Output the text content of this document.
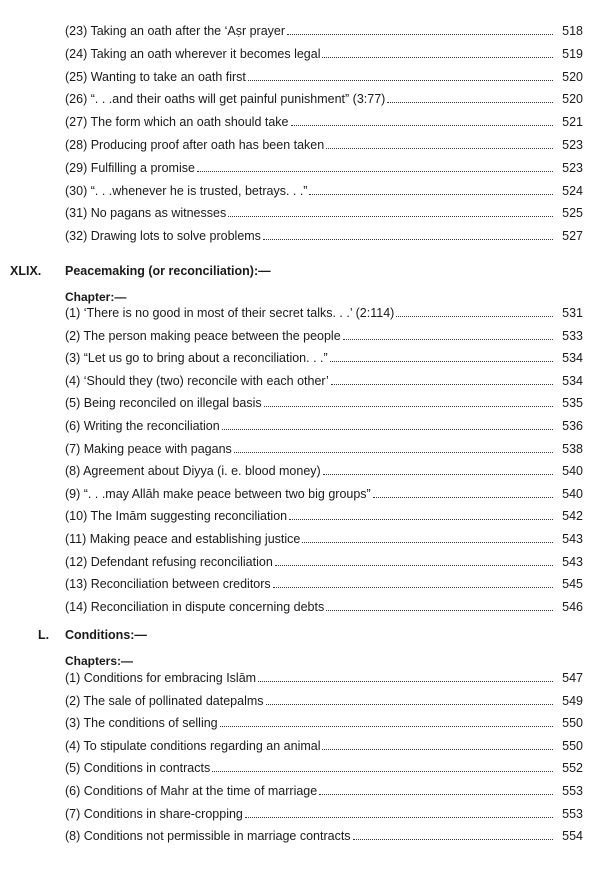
(23) Taking an oath after the ‘Aṣr prayer	518
(24) Taking an oath wherever it becomes legal	519
(25) Wanting to take an oath first	520
(26) “. . .and their oaths will get painful punishment” (3:77)	520
(27) The form which an oath should take	521
(28) Producing proof after oath has been taken	523
(29) Fulfilling a promise	523
(30) “. . .whenever he is trusted, betrays. . .”	524
(31) No pagans as witnesses	525
(32) Drawing lots to solve problems	527
XLIX.	Peacemaking (or reconciliation):—
Chapter:—
(1) ‘There is no good in most of their secret talks. . .’ (2:114)	531
(2) The person making peace between the people	533
(3) “Let us go to bring about a reconciliation. . .”	534
(4) ‘Should they (two) reconcile with each other’	534
(5) Being reconciled on illegal basis	535
(6) Writing the reconciliation	536
(7) Making peace with pagans	538
(8) Agreement about Diyya (i. e. blood money)	540
(9) “. . .may Allāh make peace between two big groups”	540
(10) The Imām suggesting reconciliation	542
(11) Making peace and establishing justice	543
(12) Defendant refusing reconciliation	543
(13) Reconciliation between creditors	545
(14) Reconciliation in dispute concerning debts	546
L.	Conditions:—
Chapters:—
(1) Conditions for embracing Islām	547
(2) The sale of pollinated datepalms	549
(3) The conditions of selling	550
(4) To stipulate conditions regarding an animal	550
(5) Conditions in contracts	552
(6) Conditions of Mahr at the time of marriage	553
(7) Conditions in share-cropping	553
(8) Conditions not permissible in marriage contracts	554
